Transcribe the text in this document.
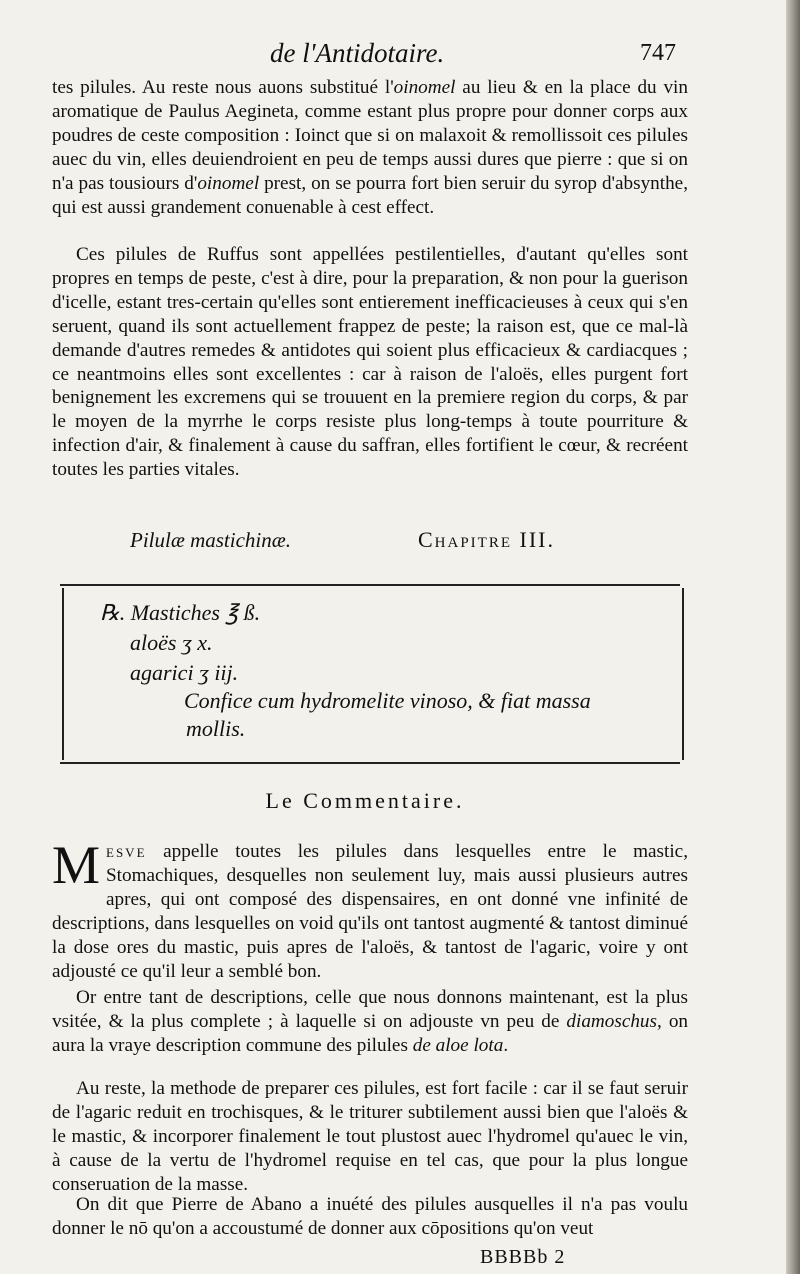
de l'Antidotaire.	747
tes pilules. Au reste nous auons substitué l'oinomel au lieu & en la place du vin aromatique de Paulus Aegineta, comme estant plus propre pour donner corps aux poudres de ceste composition : Ioinct que si on malaxoit & remollissoit ces pilules auec du vin, elles deuiendroient en peu de temps aussi dures que pierre : que si on n'a pas tousiours d'oinomel prest, on se pourra fort bien seruir du syrop d'absynthe, qui est aussi grandement conuenable à cest effect.
Ces pilules de Ruffus sont appellées pestilentielles, d'autant qu'elles sont propres en temps de peste, c'est à dire, pour la preparation, & non pour la guerison d'icelle, estant tres-certain qu'elles sont entierement inefficacieuses à ceux qui s'en seruent, quand ils sont actuellement frappez de peste; la raison est, que ce mal-là demande d'autres remedes & antidotes qui soient plus efficacieux & cardiacques ; ce neantmoins elles sont excellentes : car à raison de l'aloës, elles purgent fort benignement les excremens qui se trouuent en la premiere region du corps, & par le moyen de la myrrhe le corps resiste plus long-temps à toute pourriture & infection d'air, & finalement à cause du saffran, elles fortifient le cœur, & recréent toutes les parties vitales.
Pilulæ mastichinæ.	Chapitre III.
℞. Mastiches ℥ ß.
aloës ʒ x.
agarici ʒ iij.
Confice cum hydromelite vinoso, & fiat massa
mollis.
Le Commentaire.
Mesve appelle toutes les pilules dans lesquelles entre le mastic, Stomachiques, desquelles non seulement luy, mais aussi plusieurs autres apres, qui ont composé des dispensaires, en ont donné vne infinité de descriptions, dans lesquelles on void qu'ils ont tantost augmenté & tantost diminué la dose ores du mastic, puis apres de l'aloës, & tantost de l'agaric, voire y ont adjousté ce qu'il leur a semblé bon.
Or entre tant de descriptions, celle que nous donnons maintenant, est la plus vsitée, & la plus complete ; à laquelle si on adjouste vn peu de diamoschus, on aura la vraye description commune des pilules de aloe lota.
Au reste, la methode de preparer ces pilules, est fort facile : car il se faut seruir de l'agaric reduit en trochisques, & le triturer subtilement aussi bien que l'aloës & le mastic, & incorporer finalement le tout plustost auec l'hydromel qu'auec le vin, à cause de la vertu de l'hydromel requise en tel cas, que pour la plus longue conseruation de la masse.
On dit que Pierre de Abano a inuété des pilules ausquelles il n'a pas voulu donner le nō qu'on a accoustumé de donner aux cōpositions qu'on veut
BBBBb 2
